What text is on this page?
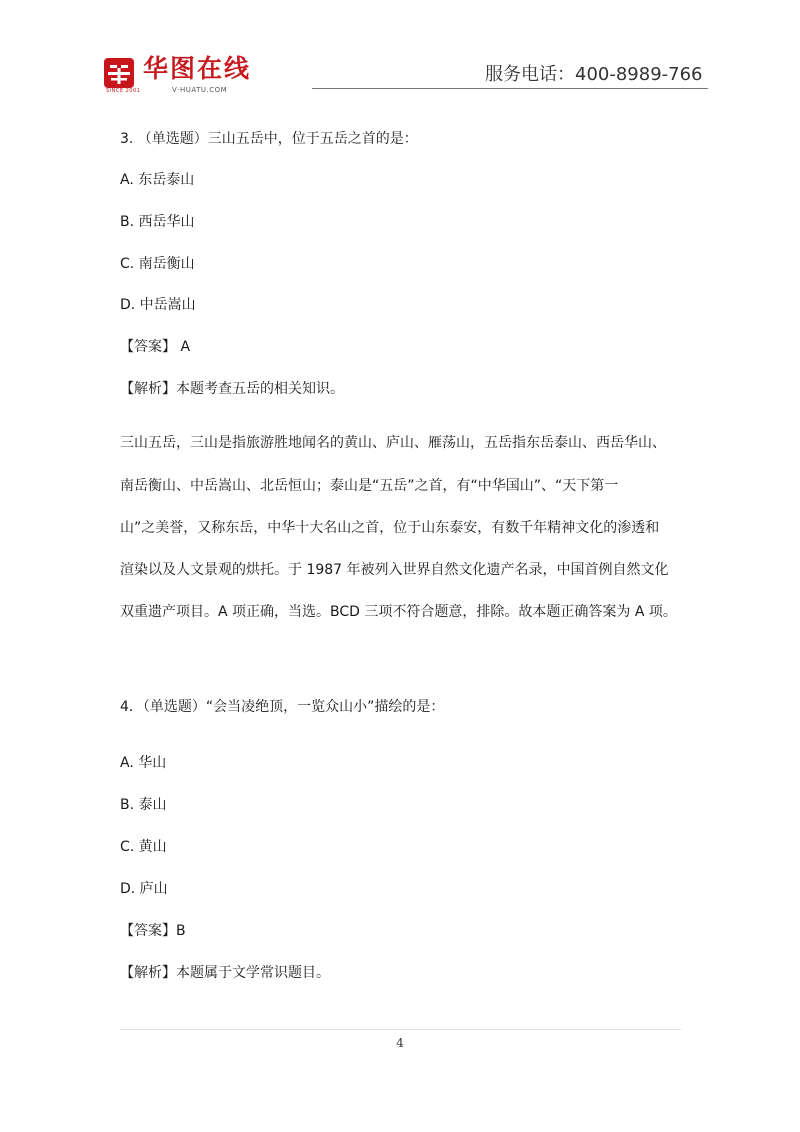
SINCE 2001
华图在线
V·HUATU.COM
服务电话：400-8989-766
3. （单选题）三山五岳中，位于五岳之首的是：
A. 东岳泰山
B. 西岳华山
C. 南岳衡山
D. 中岳嵩山
【答案】 A
【解析】本题考查五岳的相关知识。
三山五岳，三山是指旅游胜地闻名的黄山、庐山、雁荡山，五岳指东岳泰山、西岳华山、
南岳衡山、中岳嵩山、北岳恒山；泰山是“五岳”之首，有“中华国山”、“天下第一
山”之美誉，又称东岳，中华十大名山之首，位于山东泰安，有数千年精神文化的渗透和
渲染以及人文景观的烘托。于 1987 年被列入世界自然文化遗产名录，中国首例自然文化
双重遗产项目。A 项正确，当选。BCD 三项不符合题意，排除。故本题正确答案为 A 项。
4．（单选题）“会当凌绝顶，一览众山小”描绘的是：
A. 华山
B. 泰山
C. 黄山
D. 庐山
【答案】B
【解析】本题属于文学常识题目。
4
